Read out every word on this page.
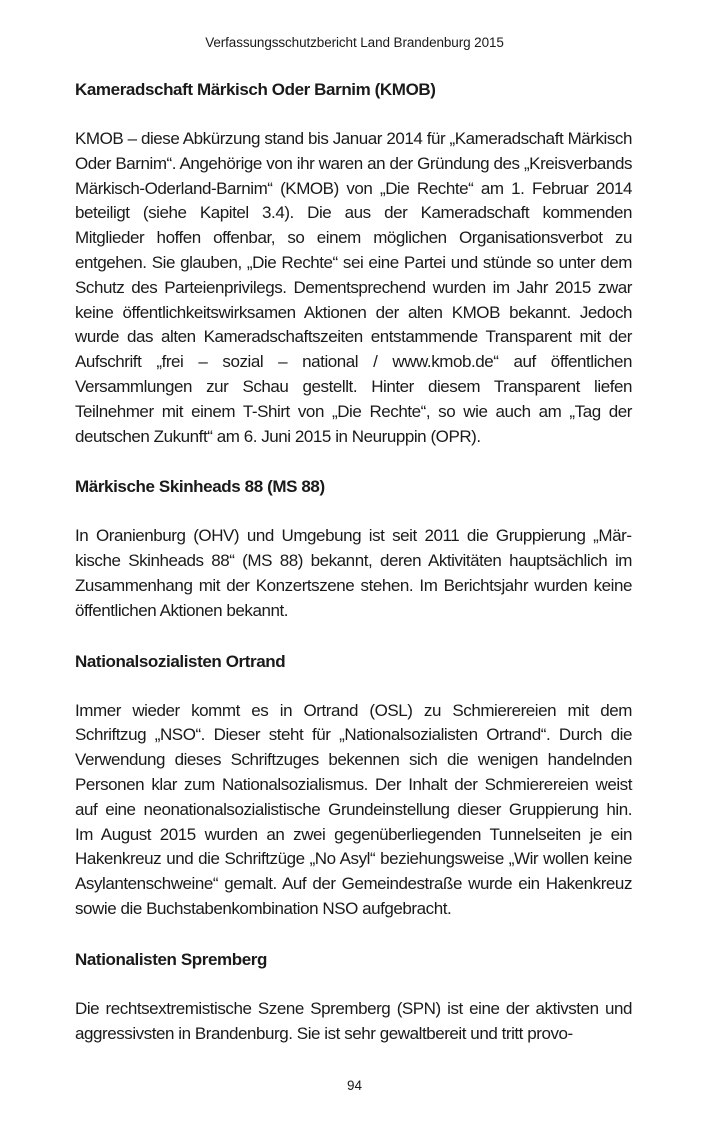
Verfassungsschutzbericht Land Brandenburg 2015
Kameradschaft Märkisch Oder Barnim (KMOB)

KMOB – diese Abkürzung stand bis Januar 2014 für „Kameradschaft Märkisch Oder Barnim“. Angehörige von ihr waren an der Gründung des „Kreisverbands Märkisch-Oderland-Barnim“ (KMOB) von „Die Rechte“ am 1. Februar 2014 beteiligt (siehe Kapitel 3.4). Die aus der Kameradschaft kommenden Mitglieder hoffen offenbar, so einem möglichen Organisationsverbot zu entgehen. Sie glauben, „Die Rechte“ sei eine Partei und stünde so unter dem Schutz des Parteienprivilegs. Dementsprechend wurden im Jahr 2015 zwar keine öffentlichkeitswirksamen Aktionen der alten KMOB bekannt. Jedoch wurde das alten Kameradschaftszeiten entstammende Transparent mit der Aufschrift „frei – sozial – national / www.kmob.​de“ auf öffentlichen Versammlungen zur Schau gestellt. Hinter diesem Transparent liefen Teilnehmer mit einem T-Shirt von „Die Rechte“, so wie auch am „Tag der deutschen Zukunft“ am 6. Juni 2015 in Neuruppin (OPR).

Märkische Skinheads 88 (MS 88)

In Oranienburg (OHV) und Umgebung ist seit 2011 die Gruppierung „Märkische Skinheads 88“ (MS 88) bekannt, deren Aktivitäten hauptsächlich im Zusammenhang mit der Konzertszene stehen. Im Berichtsjahr wurden keine öffentlichen Aktionen bekannt.

Nationalsozialisten Ortrand

Immer wieder kommt es in Ortrand (OSL) zu Schmierereien mit dem Schriftzug „NSO“. Dieser steht für „Nationalsozialisten Ortrand“. Durch die Verwendung dieses Schriftzuges bekennen sich die wenigen handelnden Personen klar zum Nationalsozialismus. Der Inhalt der Schmierereien weist auf eine neonationalsozialistische Grundeinstellung dieser Gruppierung hin. Im August 2015 wurden an zwei gegenüberliegenden Tunnelseiten je ein Hakenkreuz und die Schriftzüge „No Asyl“ beziehungsweise „Wir wollen keine Asylantenschweine“ gemalt. Auf der Gemeindestraße wurde ein Hakenkreuz sowie die Buchstabenkombination NSO aufgebracht.

Nationalisten Spremberg

Die rechtsextremistische Szene Spremberg (SPN) ist eine der aktivsten und aggressivsten in Brandenburg. Sie ist sehr gewaltbereit und tritt provo-

94
